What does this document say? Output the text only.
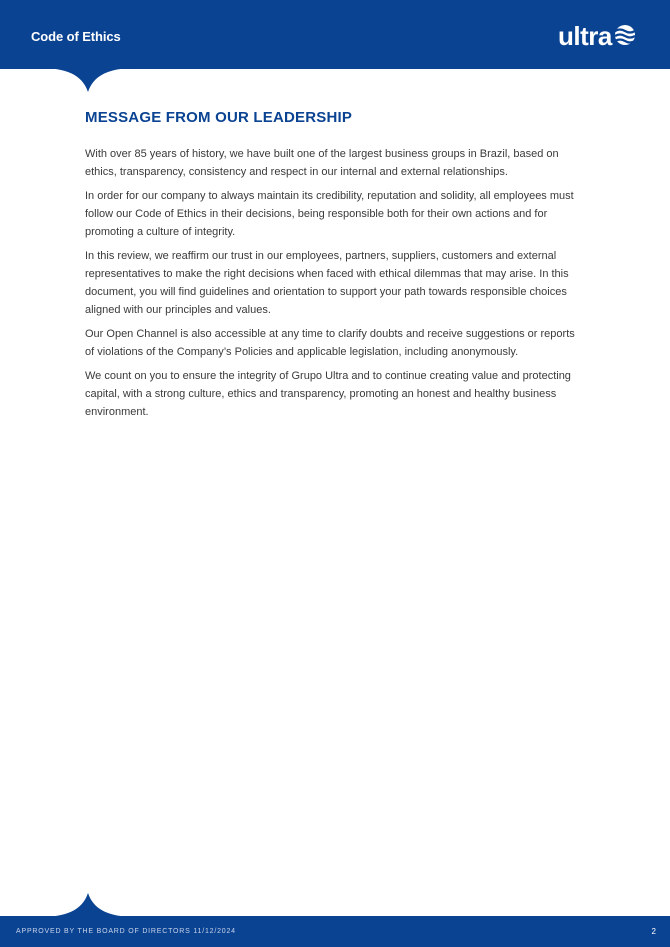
Code of Ethics	ultra
MESSAGE FROM OUR LEADERSHIP

With over 85 years of history, we have built one of the largest business groups in Brazil, based on ethics, transparency, consistency and respect in our internal and external relationships.

In order for our company to always maintain its credibility, reputation and solidity, all employees must follow our Code of Ethics in their decisions, being responsible both for their own actions and for promoting a culture of integrity.

In this review, we reaffirm our trust in our employees, partners, suppliers, customers and external representatives to make the right decisions when faced with ethical dilemmas that may arise. In this document, you will find guidelines and orientation to support your path towards responsible choices aligned with our principles and values.

Our Open Channel is also accessible at any time to clarify doubts and receive suggestions or reports of violations of the Company’s Policies and applicable legislation, including anonymously.

We count on you to ensure the integrity of Grupo Ultra and to continue creating value and protecting capital, with a strong culture, ethics and transparency, promoting an honest and healthy business environment.

APPROVED BY THE BOARD OF DIRECTORS 11/12/2024	2
